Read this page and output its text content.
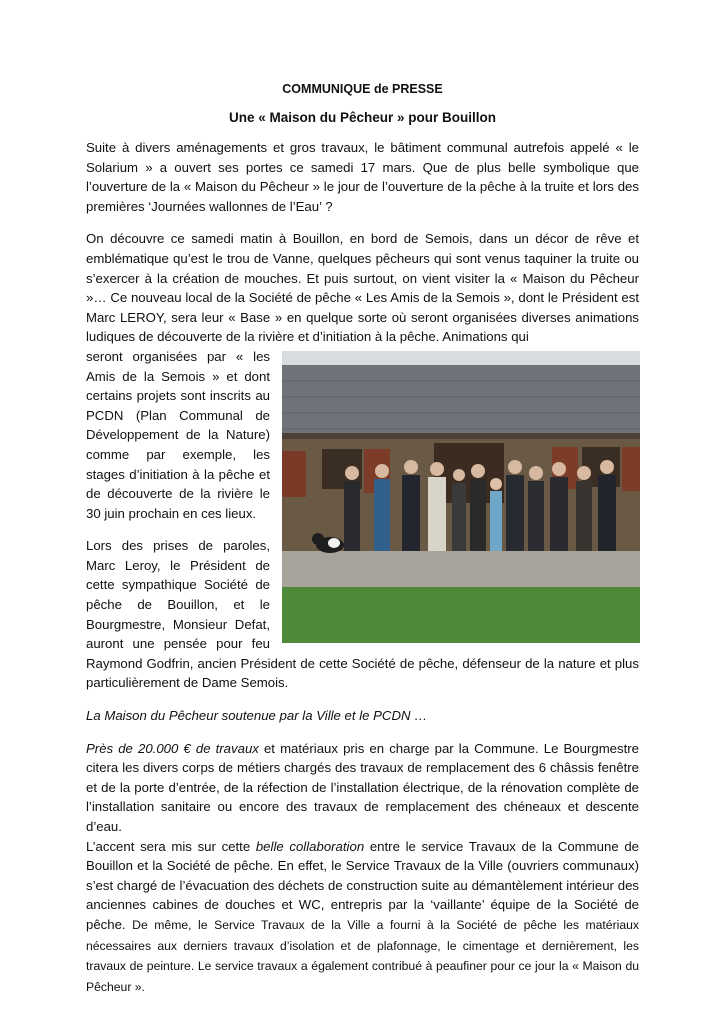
COMMUNIQUE de PRESSE
Une « Maison du Pêcheur » pour Bouillon

Suite à divers aménagements et gros travaux, le bâtiment communal autrefois appelé « le Solarium » a ouvert ses portes ce samedi 17 mars. Que de plus belle symbolique que l’ouverture de la « Maison du Pêcheur » le jour de l’ouverture de la pêche à la truite et lors des premières ‘Journées wallonnes de l’Eau’ ?

On découvre ce samedi matin à Bouillon, en bord de Semois, dans un décor de rêve et emblématique qu’est le trou de Vanne, quelques pêcheurs qui sont venus taquiner la truite ou s’exercer à la création de mouches. Et puis surtout, on vient visiter la « Maison du Pêcheur »… Ce nouveau local de la Société de pêche « Les Amis de la Semois », dont le Président est Marc LEROY, sera leur « Base » en quelque sorte où seront organisées diverses animations ludiques de découverte de la rivière et d’initiation à la pêche. Animations qui

seront organisées par « les Amis de la Semois » et dont certains projets sont inscrits au PCDN (Plan Communal de Développement de la Nature) comme par exemple, les stages d’initiation à la pêche et de découverte de la rivière le 30 juin prochain en ces lieux.

Lors des prises de paroles, Marc Leroy, le Président de cette sympathique Société de pêche de Bouillon, et le Bourgmestre, Monsieur Defat, auront une pensée pour feu Raymond Godfrin, ancien Président de cette Société de pêche, défenseur de la nature et plus particulièrement de Dame Semois.

La Maison du Pêcheur soutenue par la Ville et le PCDN …

Près de 20.000 € de travaux et matériaux pris en charge par la Commune. Le Bourgmestre citera les divers corps de métiers chargés des travaux de remplacement des 6 châssis fenêtre et de la porte d’entrée, de la réfection de l’installation électrique, de la rénovation complète de l’installation sanitaire ou encore des travaux de remplacement des chéneaux et descente d’eau.

L’accent sera mis sur cette belle collaboration entre le service Travaux de la Commune de Bouillon et la Société de pêche. En effet, le Service Travaux de la Ville (ouvriers communaux) s’est chargé de l’évacuation des déchets de construction suite au démantèlement intérieur des anciennes cabines de douches et WC, entrepris par la ‘vaillante’ équipe de la Société de pêche. De même, le Service Travaux de la Ville a fourni à la Société de pêche les matériaux nécessaires aux derniers travaux d’isolation et de plafonnage, le cimentage et dernièrement, les travaux de peinture. Le service travaux a également contribué à peaufiner pour ce jour la « Maison du Pêcheur ».
